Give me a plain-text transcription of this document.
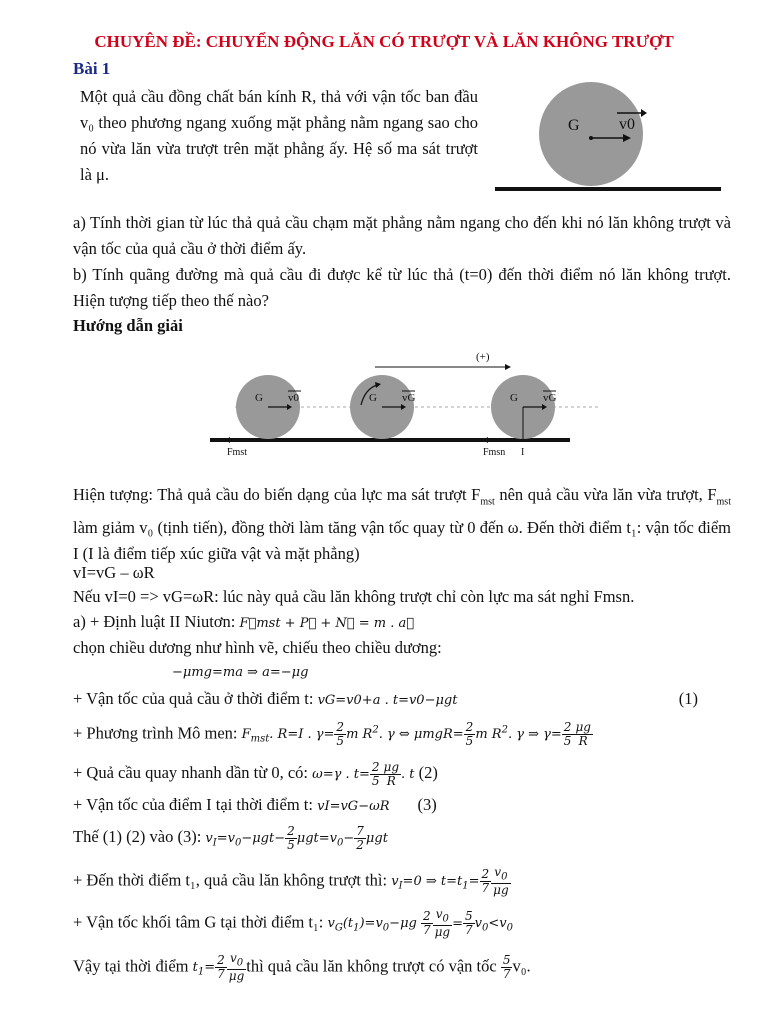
CHUYÊN ĐỀ: CHUYỂN ĐỘNG LĂN CÓ TRƯỢT VÀ LĂN KHÔNG TRƯỢT
Bài 1
Một quả cầu đồng chất bán kính R, thả với vận tốc ban đầu v₀ theo phương ngang xuống mặt phẳng nằm ngang sao cho nó vừa lăn vừa trượt trên mặt phẳng ấy. Hệ số ma sát trượt là μ.
G v0
a) Tính thời gian từ lúc thả quả cầu chạm mặt phẳng nằm ngang cho đến khi nó lăn không trượt và vận tốc của quả cầu ở thời điểm ấy.
b) Tính quãng đường mà quả cầu đi được kể từ lúc thả (t=0) đến thời điểm nó lăn không trượt. Hiện tượng tiếp theo thế nào?
Hướng dẫn giải
(+)
G v0	G vG	G vG
Fmst	Fmsn I
Hiện tượng: Thả quả cầu do biến dạng của lực ma sát trượt $F_{mst}$ nên quả cầu vừa lăn vừa trượt, $F_{mst}$ làm giảm v₀ (tịnh tiến), đồng thời làm tăng vận tốc quay từ 0 đến ω. Đến thời điểm t₁: vận tốc điểm I (I là điểm tiếp xúc giữa vật và mặt phẳng)
vI=vG – ωR
Nếu vI=0 => vG=ωR: lúc này quả cầu lăn không trượt chỉ còn lực ma sát nghỉ Fmsn.
a) + Định luật II Niutơn: F⃗mst + P⃗ + N⃗ = m . a⃗
chọn chiều dương như hình vẽ, chiếu theo chiều dương:
−μmg=ma ⇒ a=−μg
+ Vận tốc của quả cầu ở thời điểm t: vG=v0+a . t=v0−μgt	(1)
+ Phương trình Mô men: $F_{mst}$. R=I . $\gamma= \frac{2}{5}$ m $R^2$. γ ⇔ $\mu mgR= \frac{2}{5}$ m $R^2$. γ ⇒ $\gamma= \frac{2}{5} \frac{\mu g}{R}$
+ Quả cầu quay nhanh dần từ 0, có: ω=γ . $t= \frac{2}{5} \frac{\mu g}{R}$ . t (2)
+ Vận tốc của điểm I tại thời điểm t: vI=vG−ωR (3)
Thế (1) (2) vào (3): $v_I=v_0-\mu gt- \frac{2}{5} \mu gt=v_0- \frac{7}{2}$ μgt
+ Đến thời điểm t₁, quả cầu lăn không trượt thì: $v_I=0$ ⇒ $t=t_1= \frac{2}{7} \frac{v_0}{\mu g}$
+ Vận tốc khối tâm G tại thời điểm t₁: $v_G(t_1)=v_0-\mu g \frac{2}{7} \frac{v_0}{\mu g} = \frac{5}{7} v_0<v_0$
Vậy tại thời điểm $t_1= \frac{2}{7} \frac{v_0}{\mu g}$ thì quả cầu lăn không trượt có vận tốc $\frac{5}{7} v_0$.
